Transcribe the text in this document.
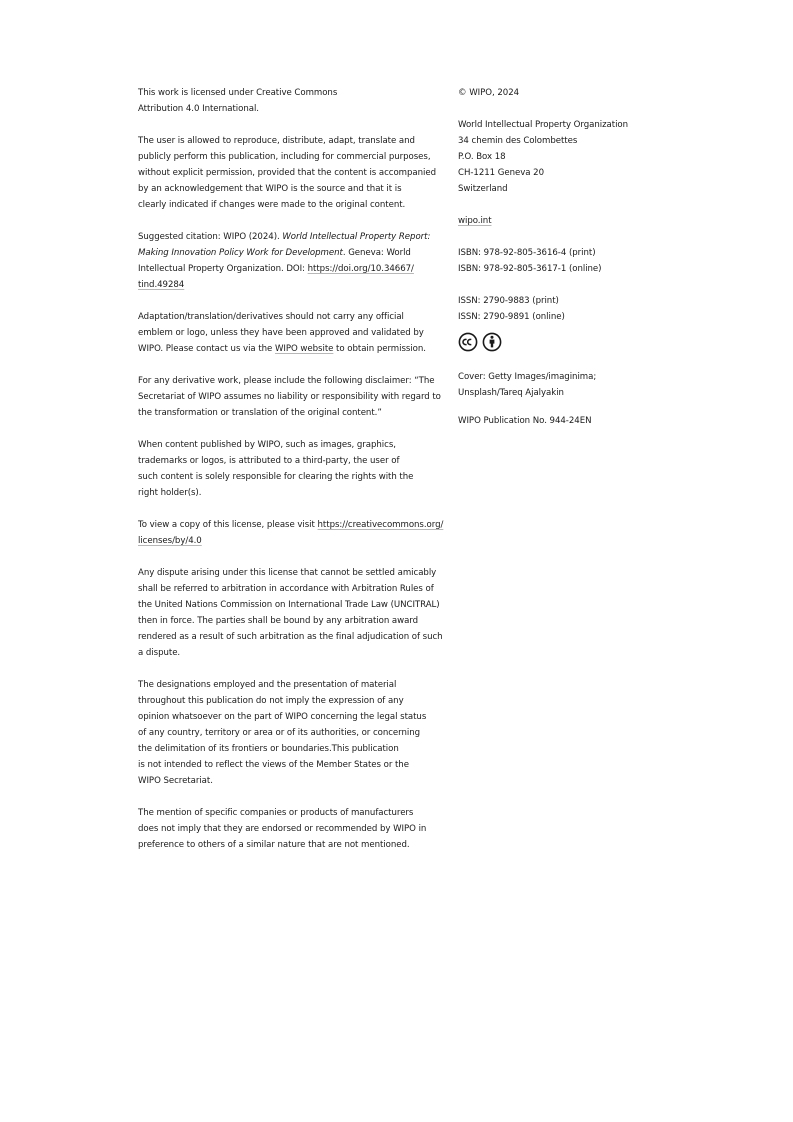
This work is licensed under Creative Commons
Attribution 4.0 International.
The user is allowed to reproduce, distribute, adapt, translate and
publicly perform this publication, including for commercial purposes,
without explicit permission, provided that the content is accompanied
by an acknowledgement that WIPO is the source and that it is
clearly indicated if changes were made to the original content.
Suggested citation: WIPO (2024). World Intellectual Property Report:
Making Innovation Policy Work for Development. Geneva: World
Intellectual Property Organization. DOI: https://doi.org/10.34667/
tind.49284
Adaptation/translation/derivatives should not carry any official
emblem or logo, unless they have been approved and validated by
WIPO. Please contact us via the WIPO website to obtain permission.
For any derivative work, please include the following disclaimer: “The
Secretariat of WIPO assumes no liability or responsibility with regard to
the transformation or translation of the original content.”
When content published by WIPO, such as images, graphics,
trademarks or logos, is attributed to a third-party, the user of
such content is solely responsible for clearing the rights with the
right holder(s).
To view a copy of this license, please visit https://creativecommons.org/
licenses/by/4.0
Any dispute arising under this license that cannot be settled amicably
shall be referred to arbitration in accordance with Arbitration Rules of
the United Nations Commission on International Trade Law (UNCITRAL)
then in force. The parties shall be bound by any arbitration award
rendered as a result of such arbitration as the final adjudication of such
a dispute.
The designations employed and the presentation of material
throughout this publication do not imply the expression of any
opinion whatsoever on the part of WIPO concerning the legal status
of any country, territory or area or of its authorities, or concerning
the delimitation of its frontiers or boundaries.This publication
is not intended to reflect the views of the Member States or the
WIPO Secretariat.
The mention of specific companies or products of manufacturers
does not imply that they are endorsed or recommended by WIPO in
preference to others of a similar nature that are not mentioned.
© WIPO, 2024
World Intellectual Property Organization
34 chemin des Colombettes
P.O. Box 18
CH-1211 Geneva 20
Switzerland
wipo.int
ISBN: 978-92-805-3616-4 (print)
ISBN: 978-92-805-3617-1 (online)
ISSN: 2790-9883 (print)
ISSN: 2790-9891 (online)
Cover: Getty Images/imaginima;
Unsplash/Tareq Ajalyakin
WIPO Publication No. 944-24EN
